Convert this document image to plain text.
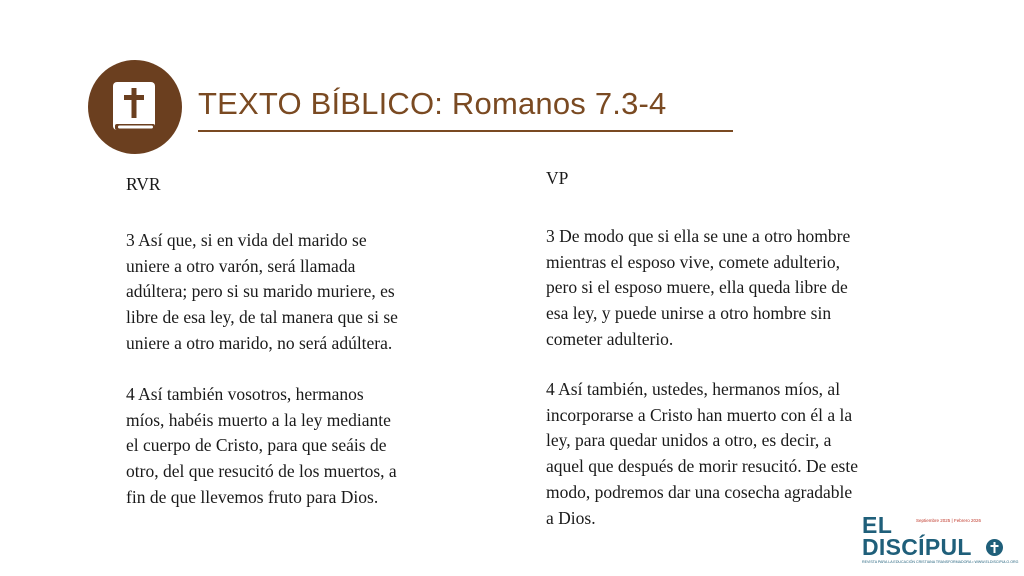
TEXTO BÍBLICO: Romanos 7.3-4
RVR

3 Así que, si en vida del marido se
uniere a otro varón, será llamada
adúltera; pero si su marido muriere, es
libre de esa ley, de tal manera que si se
uniere a otro marido, no será adúltera.

4 Así también vosotros, hermanos
míos, habéis muerto a la ley mediante
el cuerpo de Cristo, para que seáis de
otro, del que resucitó de los muertos, a
fin de que llevemos fruto para Dios.

VP

3 De modo que si ella se une a otro hombre
mientras el esposo vive, comete adulterio,
pero si el esposo muere, ella queda libre de
esa ley, y puede unirse a otro hombre sin
cometer adulterio.

4 Así también, ustedes, hermanos míos, al
incorporarse a Cristo han muerto con él a la
ley, para quedar unidos a otro, es decir, a
aquel que después de morir resucitó. De este
modo, podremos dar una cosecha agradable
a Dios.	EL	Septiembre 2025 | Febrero 2026
DISCÍPUL
REVISTA PARA LA EDUCACIÓN CRISTIANA TRANSFORMADORA • WWW.ELDISCIPULO.ORG
